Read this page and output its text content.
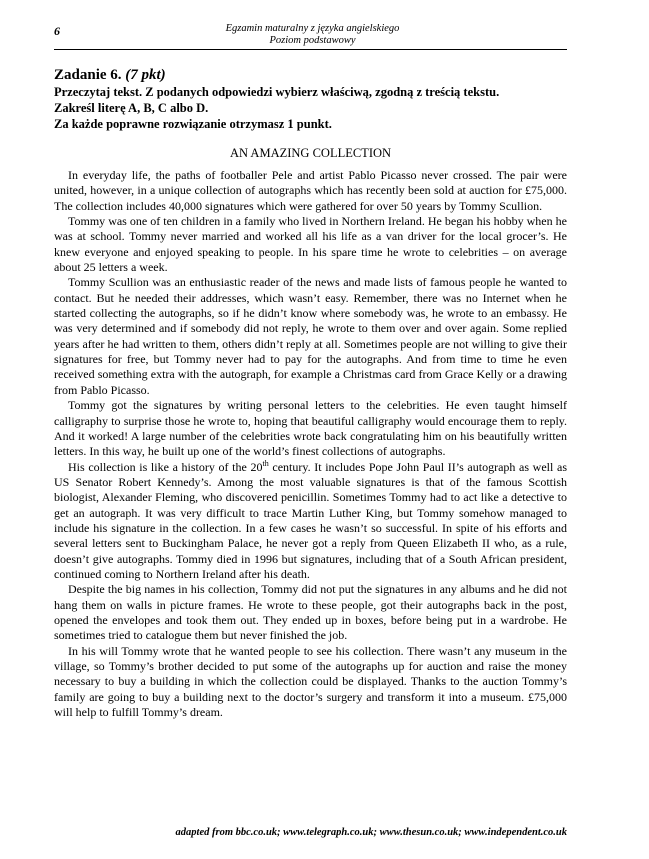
6	Egzamin maturalny z języka angielskiego
Poziom podstawowy

Zadanie 6. (7 pkt)

Przeczytaj tekst. Z podanych odpowiedzi wybierz właściwą, zgodną z treścią tekstu.

Zakreśl literę A, B, C albo D.

Za każde poprawne rozwiązanie otrzymasz 1 punkt.

AN AMAZING COLLECTION

In everyday life, the paths of footballer Pele and artist Pablo Picasso never crossed. The pair were united, however, in a unique collection of autographs which has recently been sold at auction for £75,000. The collection includes 40,000 signatures which were gathered for over 50 years by Tommy Scullion.

Tommy was one of ten children in a family who lived in Northern Ireland. He began his hobby when he was at school. Tommy never married and worked all his life as a van driver for the local grocer’s. He knew everyone and enjoyed speaking to people. In his spare time he wrote to celebrities – on average about 25 letters a week.

Tommy Scullion was an enthusiastic reader of the news and made lists of famous people he wanted to contact. But he needed their addresses, which wasn’t easy. Remember, there was no Internet when he started collecting the autographs, so if he didn’t know where somebody was, he wrote to an embassy. He was very determined and if somebody did not reply, he wrote to them over and over again. Some replied years after he had written to them, others didn’t reply at all. Sometimes people are not willing to give their signatures for free, but Tommy never had to pay for the autographs. And from time to time he even received something extra with the autograph, for example a Christmas card from Grace Kelly or a drawing from Pablo Picasso.

Tommy got the signatures by writing personal letters to the celebrities. He even taught himself calligraphy to surprise those he wrote to, hoping that beautiful calligraphy would encourage them to reply. And it worked! A large number of the celebrities wrote back congratulating him on his beautifully written letters. In this way, he built up one of the world’s finest collections of autographs.

His collection is like a history of the 20th century. It includes Pope John Paul II’s autograph as well as US Senator Robert Kennedy’s. Among the most valuable signatures is that of the famous Scottish biologist, Alexander Fleming, who discovered penicillin. Sometimes Tommy had to act like a detective to get an autograph. It was very difficult to trace Martin Luther King, but Tommy somehow managed to include his signature in the collection. In a few cases he wasn’t so successful. In spite of his efforts and several letters sent to Buckingham Palace, he never got a reply from Queen Elizabeth II who, as a rule, doesn’t give autographs. Tommy died in 1996 but signatures, including that of a South African president, continued coming to Northern Ireland after his death.

Despite the big names in his collection, Tommy did not put the signatures in any albums and he did not hang them on walls in picture frames. He wrote to these people, got their autographs back in the post, opened the envelopes and took them out. They ended up in boxes, before being put in a wardrobe. He sometimes tried to catalogue them but never finished the job.

In his will Tommy wrote that he wanted people to see his collection. There wasn’t any museum in the village, so Tommy’s brother decided to put some of the autographs up for auction and raise the money necessary to buy a building in which the collection could be displayed. Thanks to the auction Tommy’s family are going to buy a building next to the doctor’s surgery and transform it into a museum. £75,000 will help to fulfill Tommy’s dream.

adapted from bbc.co.uk; www.telegraph.co.uk; www.thesun.co.uk; www.independent.co.uk
